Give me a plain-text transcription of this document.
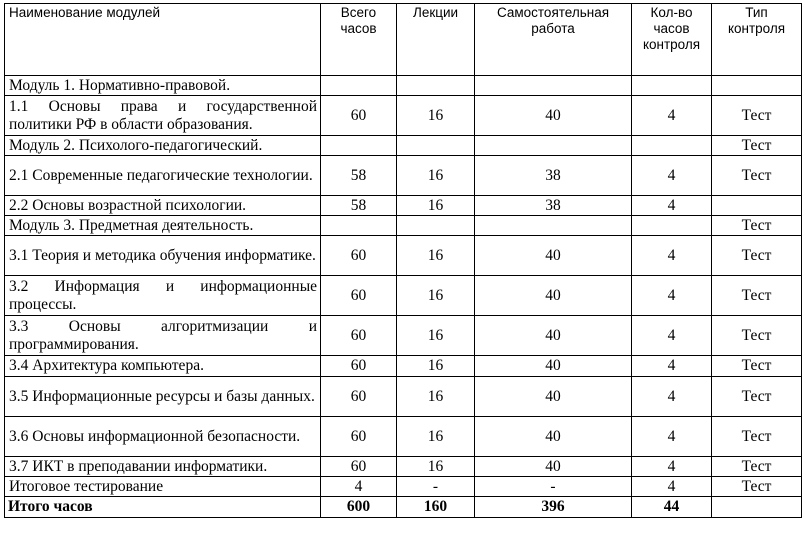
Наименование модулей	Всего часов	Лекции	Самостоятельная работа	Кол-во часов контроля	Тип контроля
Модуль 1. Нормативно-правовой.					
1.1 Основы права и государственной политики РФ в области образования.	60	16	40	4	Тест
Модуль 2. Психолого-педагогический.					Тест
2.1 Современные педагогические технологии.	58	16	38	4	Тест
2.2 Основы возрастной психологии.	58	16	38	4	
Модуль 3. Предметная деятельность.					Тест
3.1 Теория и методика обучения информатике.	60	16	40	4	Тест
3.2 Информация и информационные процессы.	60	16	40	4	Тест
3.3 Основы алгоритмизации и программирования.	60	16	40	4	Тест
3.4 Архитектура компьютера.	60	16	40	4	Тест
3.5 Информационные ресурсы и базы данных.	60	16	40	4	Тест
3.6 Основы информационной безопасности.	60	16	40	4	Тест
3.7 ИКТ в преподавании информатики.	60	16	40	4	Тест
Итоговое тестирование	4	-	-	4	Тест
Итого часов	600	160	396	44	
